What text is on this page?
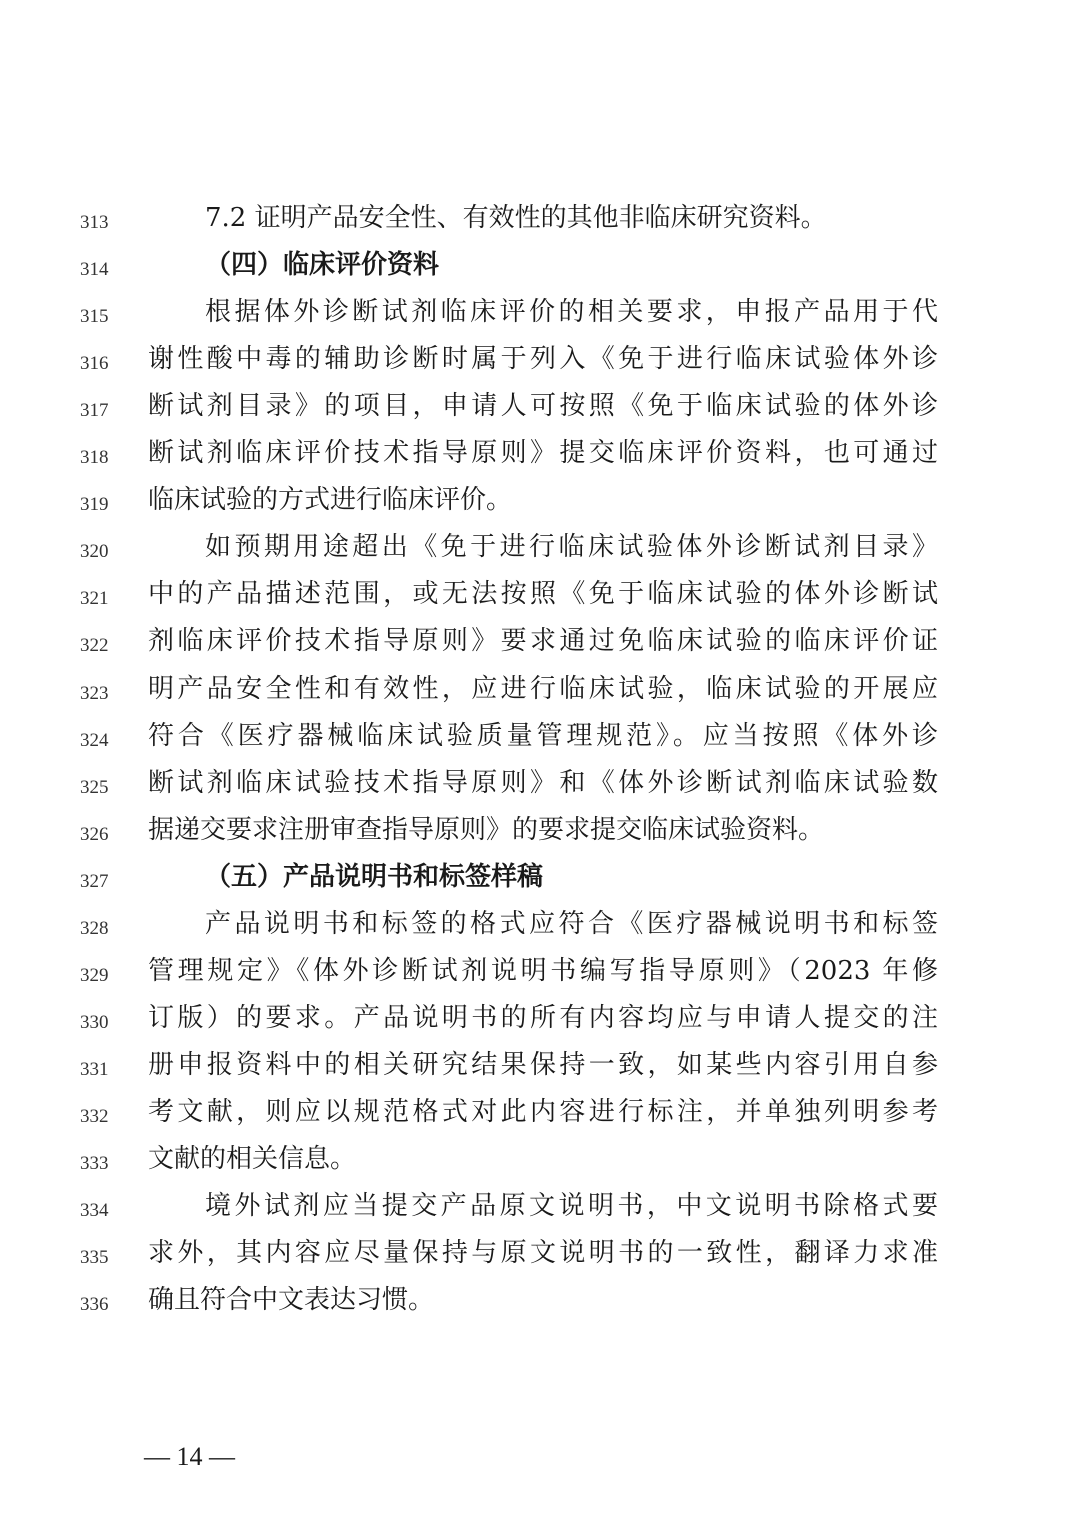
313	7.2 证明产品安全性、有效性的其他非临床研究资料。
314	（四）临床评价资料
315	根据体外诊断试剂临床评价的相关要求，申报产品用于代
316 谢性酸中毒的辅助诊断时属于列入《免于进行临床试验体外诊
317 断试剂目录》的项目，申请人可按照《免于临床试验的体外诊
318 断试剂临床评价技术指导原则》提交临床评价资料，也可通过
319 临床试验的方式进行临床评价。
320	如预期用途超出《免于进行临床试验体外诊断试剂目录》
321 中的产品描述范围，或无法按照《免于临床试验的体外诊断试
322 剂临床评价技术指导原则》要求通过免临床试验的临床评价证
323 明产品安全性和有效性，应进行临床试验，临床试验的开展应
324 符合《医疗器械临床试验质量管理规范》。应当按照《体外诊
325 断试剂临床试验技术指导原则》和《体外诊断试剂临床试验数
326 据递交要求注册审查指导原则》的要求提交临床试验资料。
327	（五）产品说明书和标签样稿
328	产品说明书和标签的格式应符合《医疗器械说明书和标签
329 管理规定》《体外诊断试剂说明书编写指导原则》（2023 年修
330 订版）的要求。产品说明书的所有内容均应与申请人提交的注
331 册申报资料中的相关研究结果保持一致，如某些内容引用自参
332 考文献，则应以规范格式对此内容进行标注，并单独列明参考
333 文献的相关信息。
334	境外试剂应当提交产品原文说明书，中文说明书除格式要
335 求外，其内容应尽量保持与原文说明书的一致性，翻译力求准
336 确且符合中文表达习惯。
— 14 —
